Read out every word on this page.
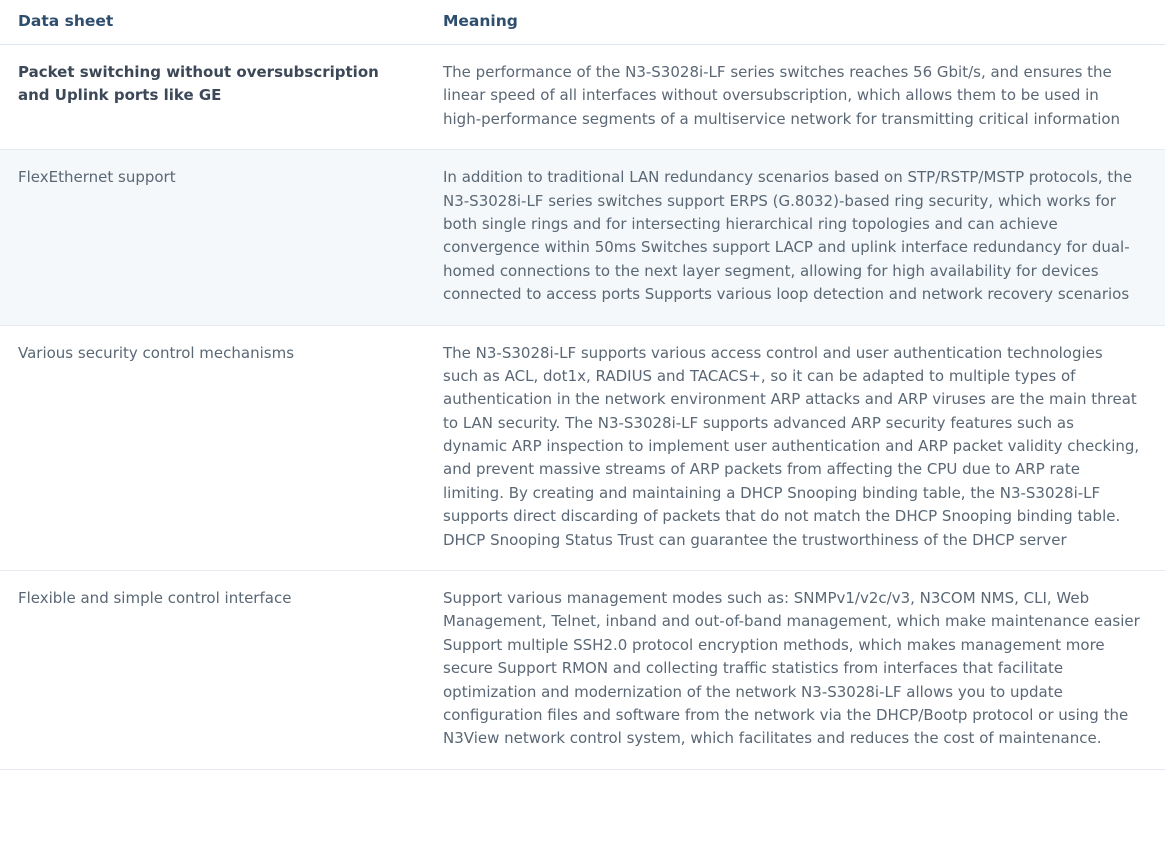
Data sheet	Meaning
Packet switching without oversubscription and Uplink ports like GE	The performance of the N3-S3028i-LF series switches reaches 56 Gbit/s, and ensures the linear speed of all interfaces without oversubscription, which allows them to be used in high-performance segments of a multiservice network for transmitting critical information
FlexEthernet support	In addition to traditional LAN redundancy scenarios based on STP/RSTP/MSTP protocols, the N3-S3028i-LF series switches support ERPS (G.8032)-based ring security, which works for both single rings and for intersecting hierarchical ring topologies and can achieve convergence within 50ms Switches support LACP and uplink interface redundancy for dual-homed connections to the next layer segment, allowing for high availability for devices connected to access ports Supports various loop detection and network recovery scenarios
Various security control mechanisms	The N3-S3028i-LF supports various access control and user authentication technologies such as ACL, dot1x, RADIUS and TACACS+, so it can be adapted to multiple types of authentication in the network environment ARP attacks and ARP viruses are the main threat to LAN security. The N3-S3028i-LF supports advanced ARP security features such as dynamic ARP inspection to implement user authentication and ARP packet validity checking, and prevent massive streams of ARP packets from affecting the CPU due to ARP rate limiting. By creating and maintaining a DHCP Snooping binding table, the N3-S3028i-LF supports direct discarding of packets that do not match the DHCP Snooping binding table. DHCP Snooping Status Trust can guarantee the trustworthiness of the DHCP server
Flexible and simple control interface	Support various management modes such as: SNMPv1/v2c/v3, N3COM NMS, CLI, Web Management, Telnet, inband and out-of-band management, which make maintenance easier Support multiple SSH2.0 protocol encryption methods, which makes management more secure Support RMON and collecting traffic statistics from interfaces that facilitate optimization and modernization of the network N3-S3028i-LF allows you to update configuration files and software from the network via the DHCP/Bootp protocol or using the N3View network control system, which facilitates and reduces the cost of maintenance.
